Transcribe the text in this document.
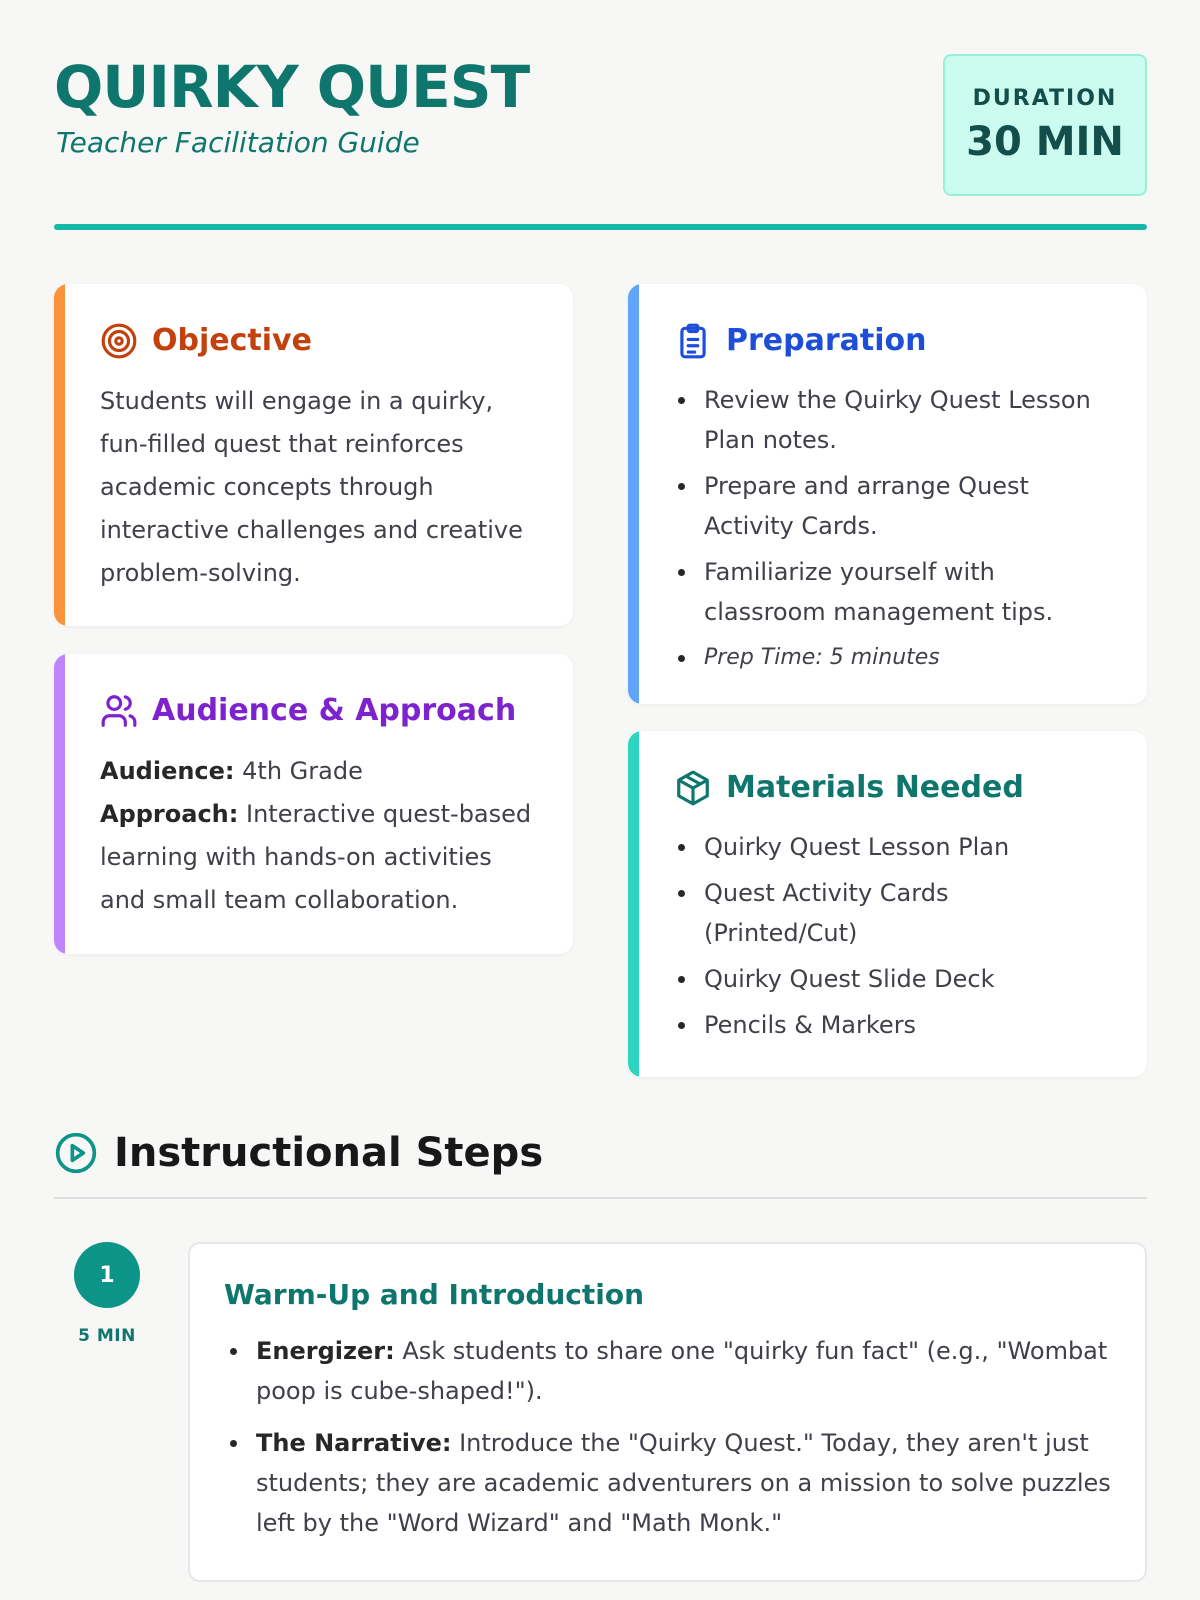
QUIRKY QUEST
Teacher Facilitation Guide
DURATION
30 MIN
Objective

Students will engage in a quirky, fun-filled quest that reinforces academic concepts through interactive challenges and creative problem-solving.

Audience & Approach
Audience: 4th Grade
Approach: Interactive quest-based learning with hands-on activities and small team collaboration.
Preparation
Review the Quirky Quest Lesson Plan notes.
Prepare and arrange Quest Activity Cards.
Familiarize yourself with classroom management tips.
Prep Time: 5 minutes
Materials Needed
Quirky Quest Lesson Plan
Quest Activity Cards (Printed/Cut)
Quirky Quest Slide Deck
Pencils & Markers
Instructional Steps
1
5 MIN
Warm-Up and Introduction
Energizer: Ask students to share one "quirky fun fact" (e.g., "Wombat poop is cube-shaped!").
The Narrative: Introduce the "Quirky Quest." Today, they aren't just students; they are academic adventurers on a mission to solve puzzles left by the "Word Wizard" and "Math Monk."
